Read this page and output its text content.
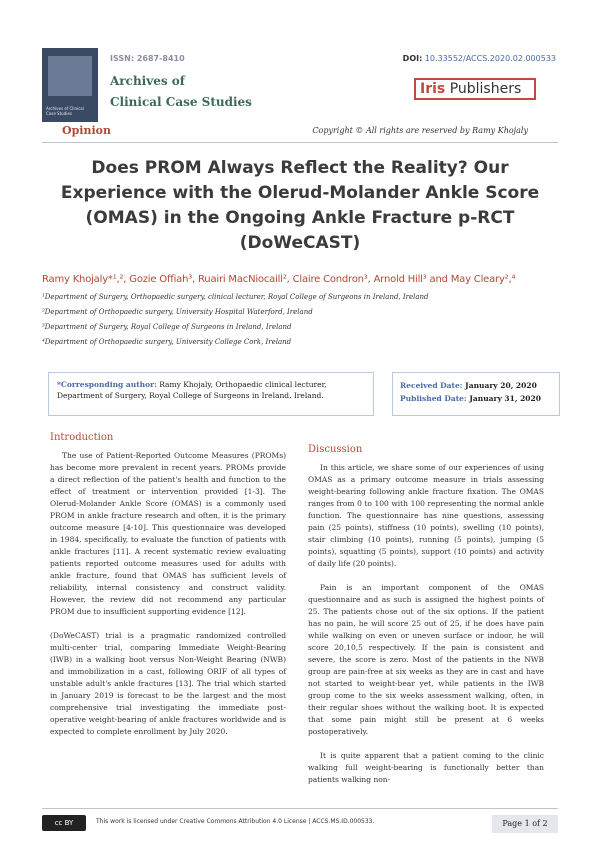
Archives of Clinical Case Studies
ISSN: 2687-8410
Archives of
Clinical Case Studies
DOI: 10.33552/ACCS.2020.02.000533
Iris Publishers
Opinion	Copyright © All rights are reserved by Ramy Khojaly
Does PROM Always Reflect the Reality? Our Experience with the Olerud-Molander Ankle Score (OMAS) in the Ongoing Ankle Fracture p-RCT (DoWeCAST)
Ramy Khojaly*¹,², Gozie Offiah³, Ruairi MacNiocaill², Claire Condron³, Arnold Hill³ and May Cleary²,⁴
¹Department of Surgery, Orthopaedic surgery, clinical lecturer, Royal College of Surgeons in Ireland, Ireland
²Department of Orthopaedic surgery, University Hospital Waterford, Ireland
³Department of Surgery, Royal College of Surgeons in Ireland, Ireland
⁴Department of Orthopaedic surgery, University College Cork, Ireland
*Corresponding author: Ramy Khojaly, Orthopaedic clinical lecturer, Department of Surgery, Royal College of Surgeons in Ireland, Ireland.
Received Date: January 20, 2020
Published Date: January 31, 2020
Introduction

The use of Patient-Reported Outcome Measures (PROMs) has become more prevalent in recent years. PROMs provide a direct reflection of the patient's health and function to the effect of treatment or intervention provided [1-3]. The Olerud-Molander Ankle Score (OMAS) is a commonly used PROM in ankle fracture research and often, it is the primary outcome measure [4-10]. This questionnaire was developed in 1984, specifically, to evaluate the function of patients with ankle fractures [11]. A recent systematic review evaluating patients reported outcome measures used for adults with ankle fracture, found that OMAS has sufficient levels of reliability, internal consistency and construct validity. However, the review did not recommend any particular PROM due to insufficient supporting evidence [12].

(DoWeCAST) trial is a pragmatic randomized controlled multi-center trial, comparing Immediate Weight-Bearing (IWB) in a walking boot versus Non-Weight Bearing (NWB) and immobilization in a cast, following ORIF of all types of unstable adult's ankle fractures [13]. The trial which started in January 2019 is forecast to be the largest and the most comprehensive trial investigating the immediate post-operative weight-bearing of ankle fractures worldwide and is expected to complete enrollment by July 2020.

Discussion

In this article, we share some of our experiences of using OMAS as a primary outcome measure in trials assessing weight-bearing following ankle fracture fixation. The OMAS ranges from 0 to 100 with 100 representing the normal ankle function. The questionnaire has nine questions, assessing pain (25 points), stiffness (10 points), swelling (10 points), stair climbing (10 points), running (5 points), jumping (5 points), squatting (5 points), support (10 points) and activity of daily life (20 points).

Pain is an important component of the OMAS questionnaire and as such is assigned the highest points of 25. The patients chose out of the six options. If the patient has no pain, he will score 25 out of 25, if he does have pain while walking on even or uneven surface or indoor, he will score 20,10,5 respectively. If the pain is consistent and severe, the score is zero. Most of the patients in the NWB group are pain-free at six weeks as they are in cast and have not started to weight-bear yet, while patients in the IWB group come to the six weeks assessment walking, often, in their regular shoes without the walking boot. It is expected that some pain might still be present at 6 weeks postoperatively.

It is quite apparent that a patient coming to the clinic walking full weight-bearing is functionally better than patients walking non-

cc BY	This work is licensed under Creative Commons Attribution 4.0 License | ACCS.MS.ID.000533.	Page 1 of 2
